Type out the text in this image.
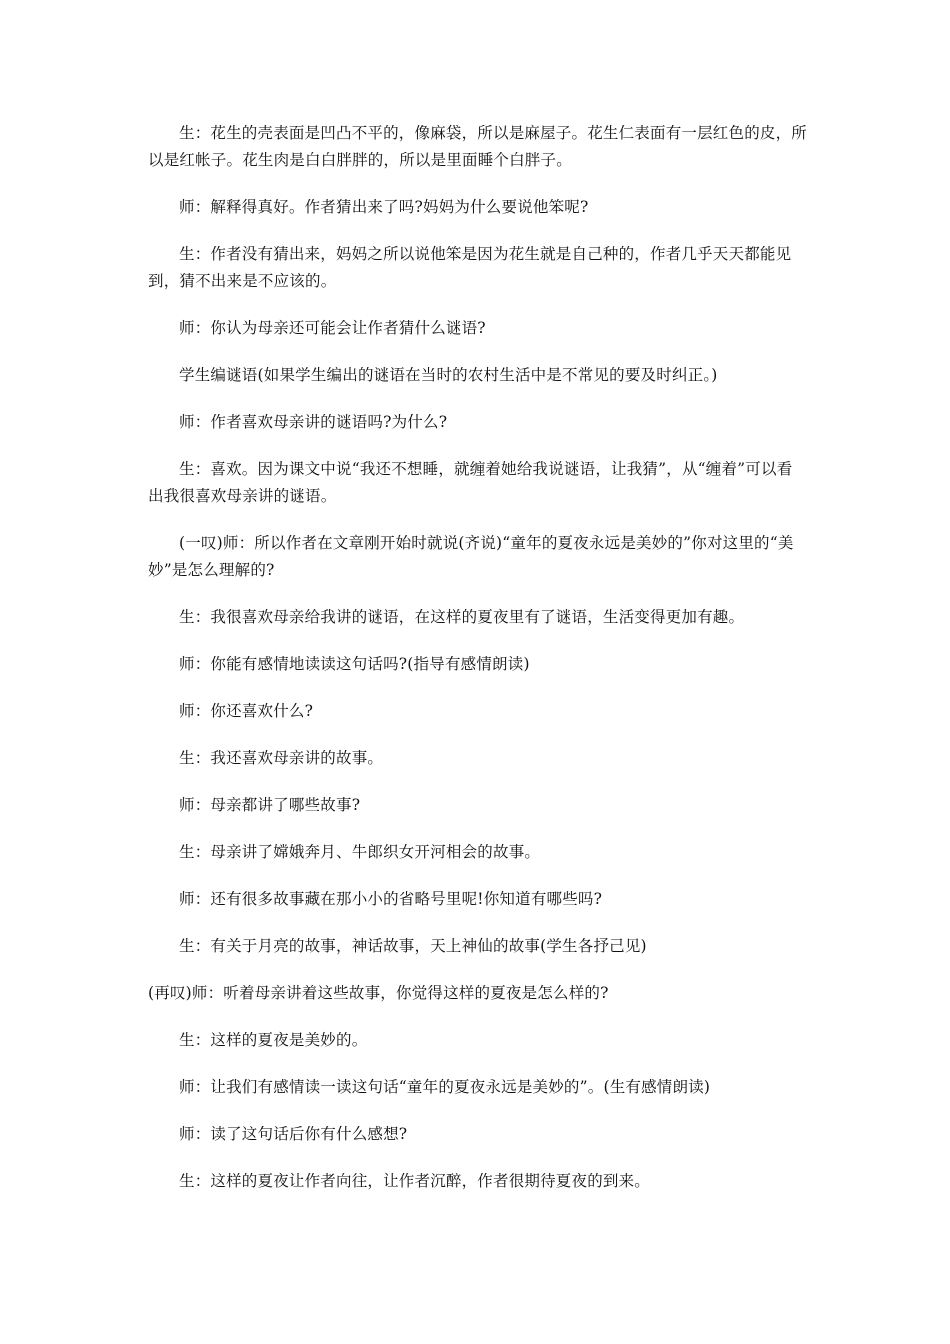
生：花生的壳表面是凹凸不平的，像麻袋，所以是麻屋子。花生仁表面有一层红色的皮，所以是红帐子。花生肉是白白胖胖的，所以是里面睡个白胖子。

师：解释得真好。作者猜出来了吗?妈妈为什么要说他笨呢?

生：作者没有猜出来，妈妈之所以说他笨是因为花生就是自己种的，作者几乎天天都能见到，猜不出来是不应该的。

师：你认为母亲还可能会让作者猜什么谜语?

学生编谜语(如果学生编出的谜语在当时的农村生活中是不常见的要及时纠正。)

师：作者喜欢母亲讲的谜语吗?为什么?

生：喜欢。因为课文中说“我还不想睡，就缠着她给我说谜语，让我猜”，从“缠着”可以看出我很喜欢母亲讲的谜语。

(一叹)师：所以作者在文章刚开始时就说(齐说)“童年的夏夜永远是美妙的”你对这里的“美妙”是怎么理解的?

生：我很喜欢母亲给我讲的谜语，在这样的夏夜里有了谜语，生活变得更加有趣。

师：你能有感情地读读这句话吗?(指导有感情朗读)

师：你还喜欢什么?

生：我还喜欢母亲讲的故事。

师：母亲都讲了哪些故事?

生：母亲讲了嫦娥奔月、牛郎织女开河相会的故事。

师：还有很多故事藏在那小小的省略号里呢!你知道有哪些吗?

生：有关于月亮的故事，神话故事，天上神仙的故事(学生各抒己见)

(再叹)师：听着母亲讲着这些故事，你觉得这样的夏夜是怎么样的?

生：这样的夏夜是美妙的。

师：让我们有感情读一读这句话“童年的夏夜永远是美妙的”。(生有感情朗读)

师：读了这句话后你有什么感想?

生：这样的夏夜让作者向往，让作者沉醉，作者很期待夏夜的到来。
